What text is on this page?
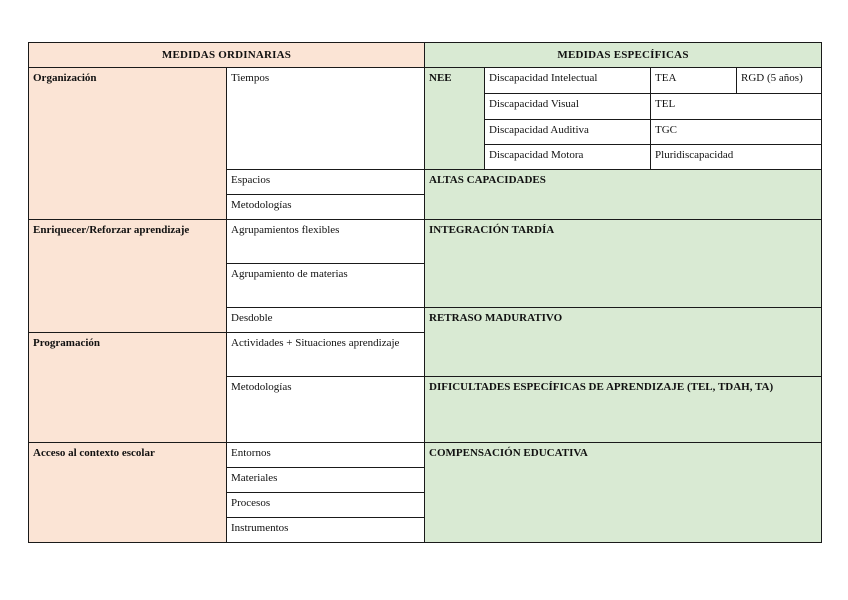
MEDIDAS ORDINARIAS		MEDIDAS ESPECÍFICAS			
Organización	Tiempos	NEE	Discapacidad Intelectual	TEA	RGD (5 años)
			Discapacidad Visual	TEL	
			Discapacidad Auditiva	TGC	
			Discapacidad Motora	Pluridiscapacidad	
	Espacios	ALTAS CAPACIDADES			
	Metodologías				
Enriquecer/Reforzar aprendizaje	Agrupamientos flexibles	INTEGRACIÓN TARDÍA			
	Agrupamiento de materias				
	Desdoble	RETRASO MADURATIVO			
Programación	Actividades + Situaciones aprendizaje				
	Metodologías	DIFICULTADES ESPECÍFICAS DE APRENDIZAJE (TEL, TDAH, TA)			
Acceso al contexto escolar	Entornos	COMPENSACIÓN EDUCATIVA			
	Materiales				
	Procesos				
	Instrumentos				
